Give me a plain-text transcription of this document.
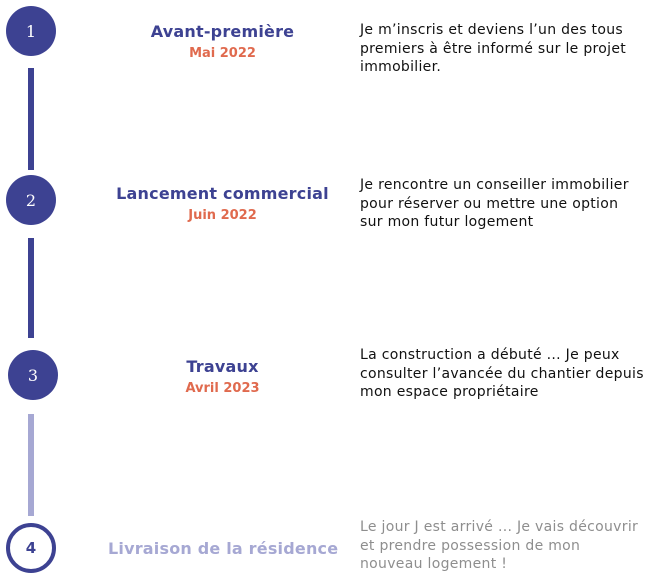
1	Avant-première
Mai 2022
Je m’inscris et deviens l’un des tous premiers à être informé sur le projet immobilier.
2	Lancement commercial
Juin 2022
Je rencontre un conseiller immobilier pour réserver ou mettre une option sur mon futur logement
3	Travaux
Avril 2023
La construction a débuté ... Je peux consulter l’avancée du chantier depuis mon espace propriétaire
4	Livraison de la résidence
Le jour J est arrivé ... Je vais découvrir et prendre possession de mon nouveau logement !
